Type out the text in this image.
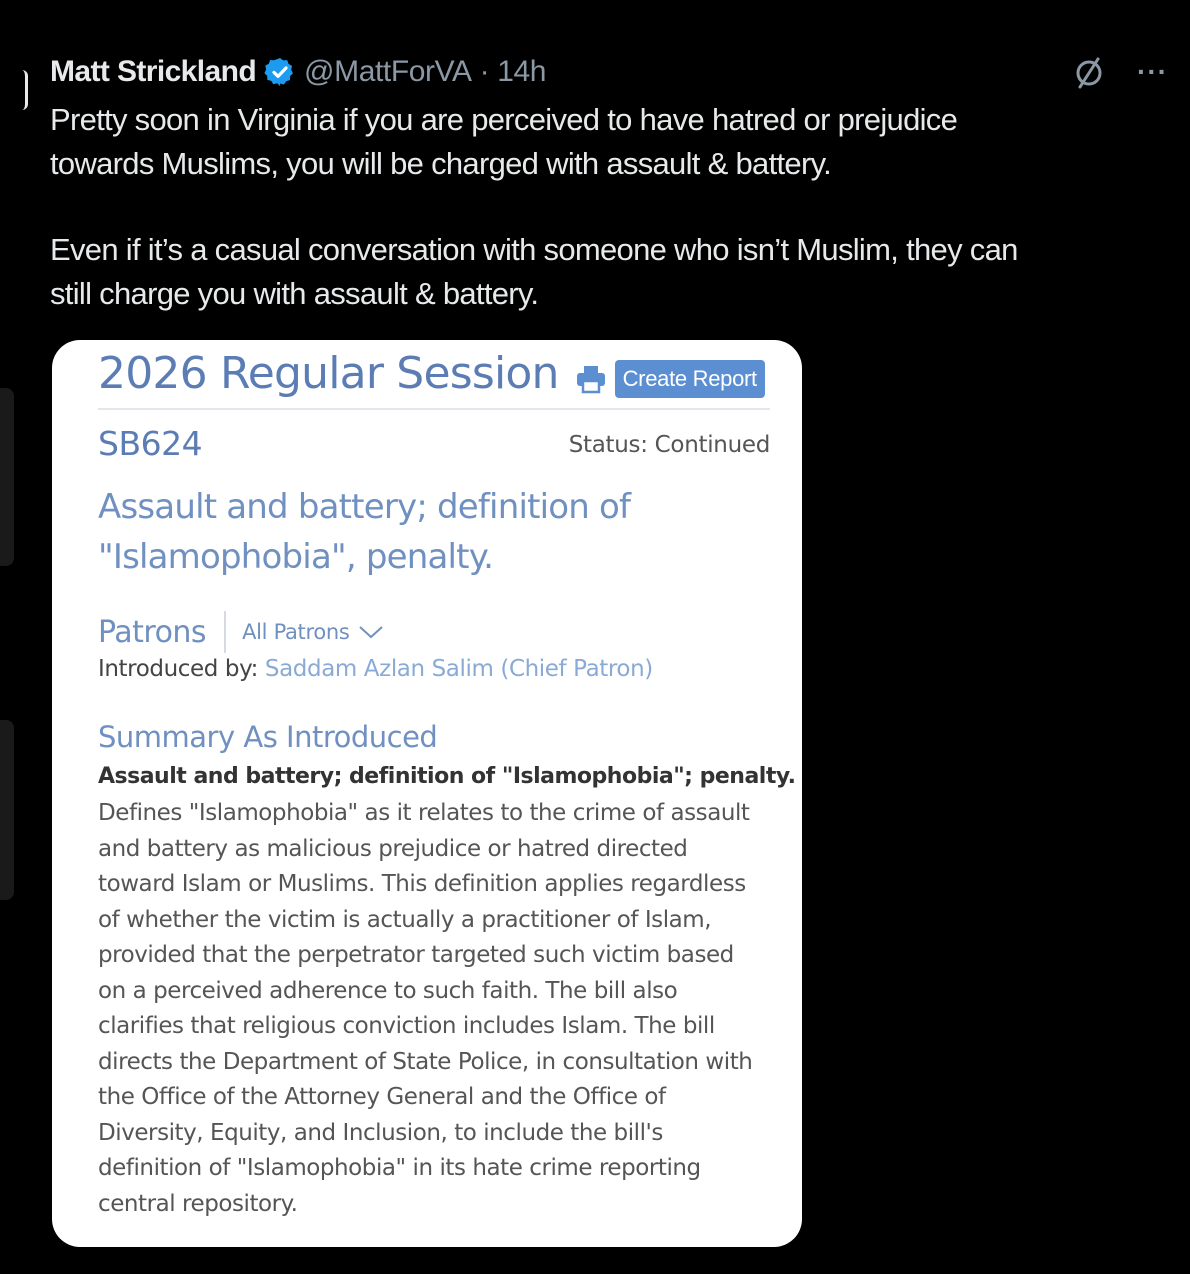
Matt Strickland @MattForVA · 14h	···

Pretty soon in Virginia if you are perceived to have hatred or prejudice

towards Muslims, you will be charged with assault & battery.

Even if it’s a casual conversation with someone who isn’t Muslim, they can

still charge you with assault & battery.

2026 Regular Session	Create Report
SB624	Status: Continued
Assault and battery; definition of
"Islamophobia", penalty.
Patrons All Patrons
Introduced by: Saddam Azlan Salim (Chief Patron)
Summary As Introduced
Assault and battery; definition of "Islamophobia"; penalty.
Defines "Islamophobia" as it relates to the crime of assault
and battery as malicious prejudice or hatred directed
toward Islam or Muslims. This definition applies regardless
of whether the victim is actually a practitioner of Islam,
provided that the perpetrator targeted such victim based
on a perceived adherence to such faith. The bill also
clarifies that religious conviction includes Islam. The bill
directs the Department of State Police, in consultation with
the Office of the Attorney General and the Office of
Diversity, Equity, and Inclusion, to include the bill's
definition of "Islamophobia" in its hate crime reporting
central repository.
